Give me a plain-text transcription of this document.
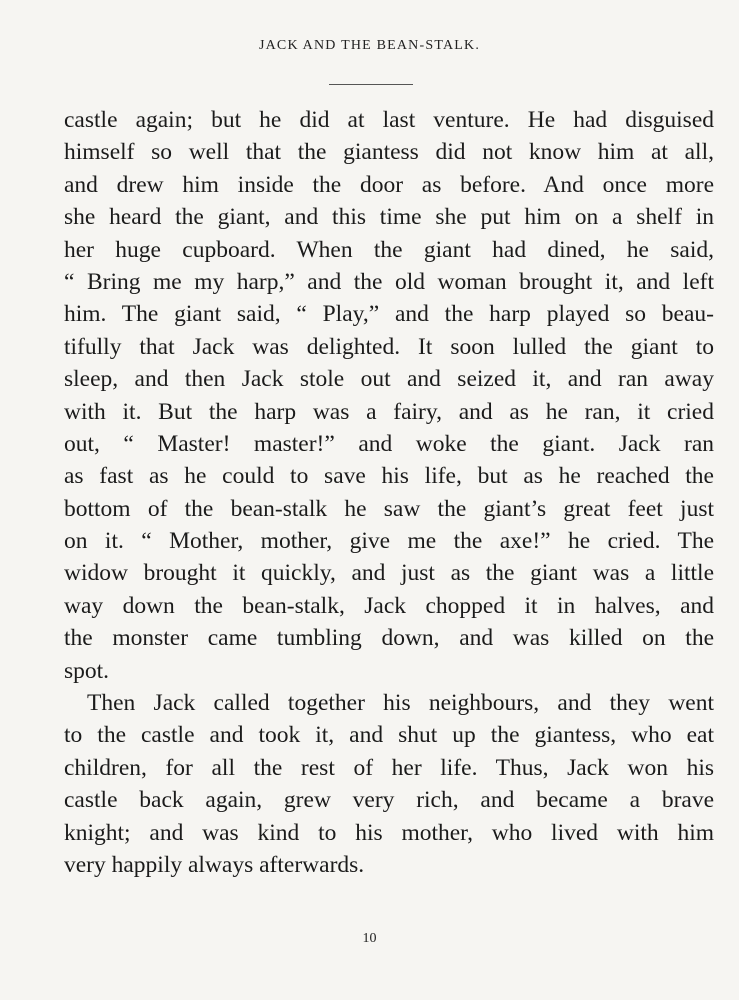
JACK AND THE BEAN-STALK.
castle again; but he did at last venture. He had disguised
himself so well that the giantess did not know him at all,
and drew him inside the door as before. And once more
she heard the giant, and this time she put him on a shelf in
her huge cupboard. When the giant had dined, he said,
“ Bring me my harp,” and the old woman brought it, and left
him. The giant said, “ Play,” and the harp played so beau-
tifully that Jack was delighted. It soon lulled the giant to
sleep, and then Jack stole out and seized it, and ran away
with it. But the harp was a fairy, and as he ran, it cried
out, “ Master! master!” and woke the giant. Jack ran
as fast as he could to save his life, but as he reached the
bottom of the bean-stalk he saw the giant’s great feet just
on it. “ Mother, mother, give me the axe!” he cried. The
widow brought it quickly, and just as the giant was a little
way down the bean-stalk, Jack chopped it in halves, and
the monster came tumbling down, and was killed on the
spot.
Then Jack called together his neighbours, and they went
to the castle and took it, and shut up the giantess, who eat
children, for all the rest of her life. Thus, Jack won his
castle back again, grew very rich, and became a brave
knight; and was kind to his mother, who lived with him
very happily always afterwards.
10
